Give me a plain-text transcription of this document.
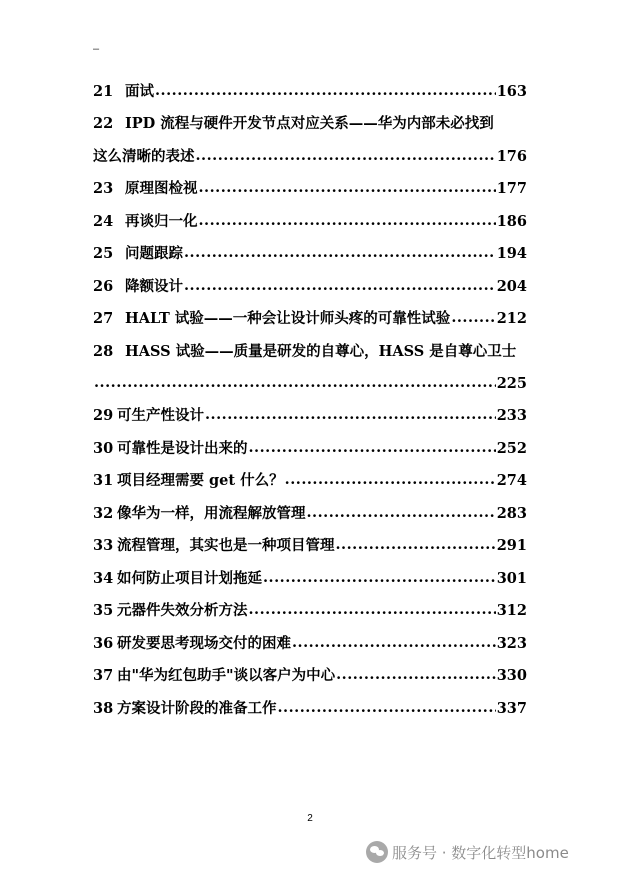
–
21 面试 .....	163
22 IPD 流程与硬件开发节点对应关系——华为内部未必找到
这么清晰的表述 .....	176
23 原理图检视 .....	177
24 再谈归一化 .....	186
25 问题跟踪 .....	194
26 降额设计 .....	204
27 HALT 试验——一种会让设计师头疼的可靠性试验 .....	212
28 HASS 试验——质量是研发的自尊心，HASS 是自尊心卫士
.....
225
29 可生产性设计 .....	233
30 可靠性是设计出来的 .....	252
31 项目经理需要 get 什么？ .....	274
32 像华为一样，用流程解放管理 .....	283
33 流程管理，其实也是一种项目管理 .....	291
34 如何防止项目计划拖延 .....	301
35 元器件失效分析方法 .....	312
36 研发要思考现场交付的困难 .....	323
37 由"华为红包助手"谈以客户为中心 .....	330
38 方案设计阶段的准备工作 .....	337
2
服务号 · 数字化转型home
